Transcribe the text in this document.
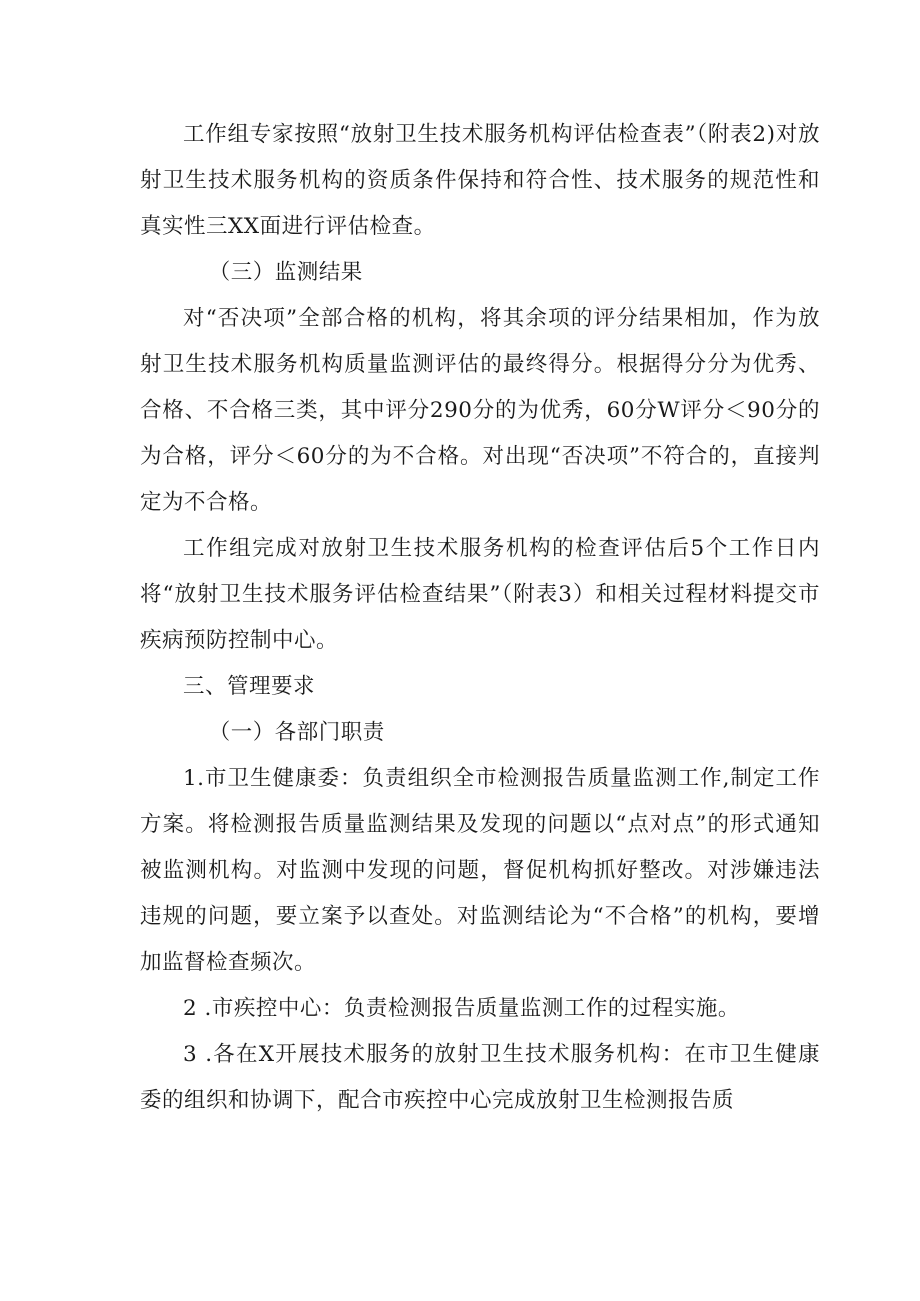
工作组专家按照“放射卫生技术服务机构评估检查表”（附表2)对放射卫生技术服务机构的资质条件保持和符合性、技术服务的规范性和真实性三XX面进行评估检查。

（三）监测结果

对“否决项”全部合格的机构，将其余项的评分结果相加，作为放射卫生技术服务机构质量监测评估的最终得分。根据得分分为优秀、合格、不合格三类，其中评分290分的为优秀，60分W评分＜90分的为合格，评分＜60分的为不合格。对出现“否决项”不符合的，直接判定为不合格。

工作组完成对放射卫生技术服务机构的检查评估后5个工作日内将“放射卫生技术服务评估检查结果”（附表3）和相关过程材料提交市疾病预防控制中心。

三、管理要求

（一）各部门职责

1.市卫生健康委：负责组织全市检测报告质量监测工作,制定工作方案。将检测报告质量监测结果及发现的问题以“点对点”的形式通知被监测机构。对监测中发现的问题，督促机构抓好整改。对涉嫌违法违规的问题，要立案予以查处。对监测结论为“不合格”的机构，要增加监督检查频次。

2 .市疾控中心：负责检测报告质量监测工作的过程实施。

3 .各在X开展技术服务的放射卫生技术服务机构：在市卫生健康委的组织和协调下，配合市疾控中心完成放射卫生检测报告质
